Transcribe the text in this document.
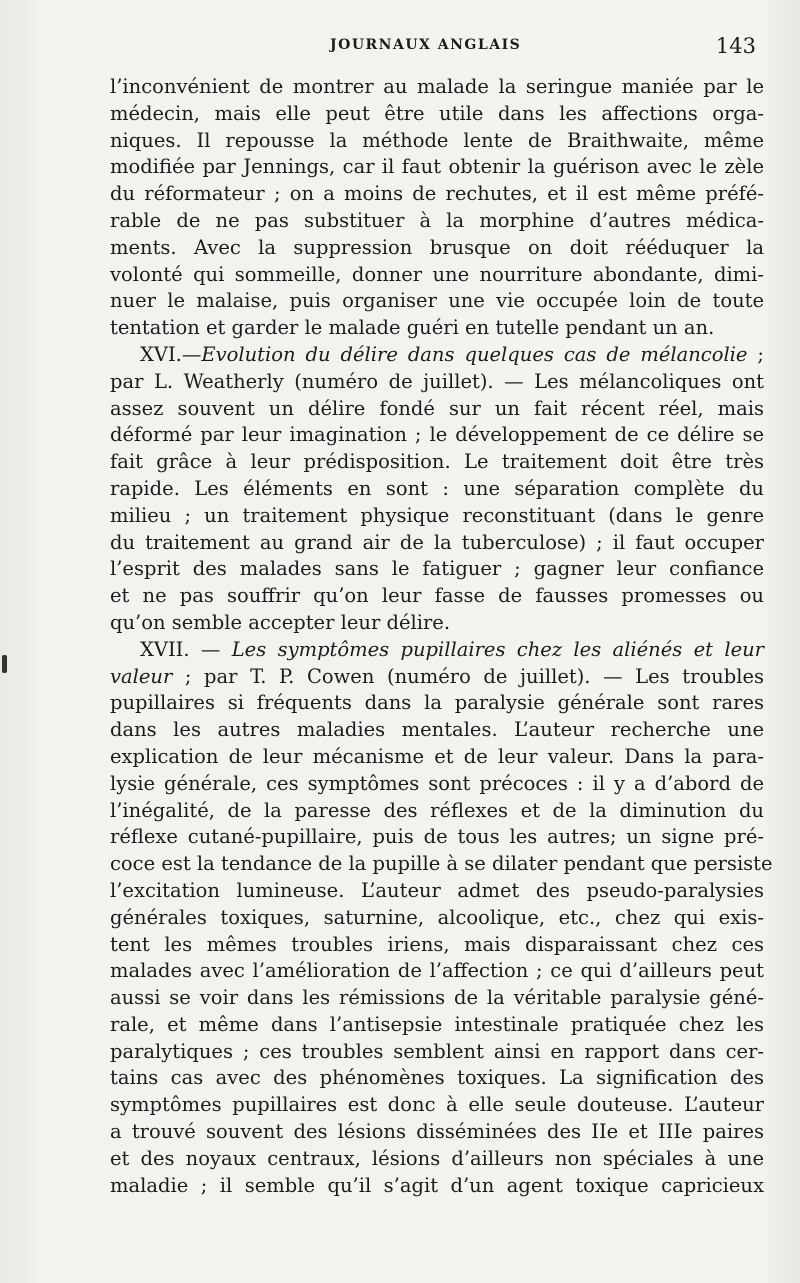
JOURNAUX ANGLAIS	143
l’inconvénient de montrer au malade la seringue maniée par le
médecin, mais elle peut être utile dans les affections orga-
niques. Il repousse la méthode lente de Braithwaite, même
modifiée par Jennings, car il faut obtenir la guérison avec le zèle
du réformateur ; on a moins de rechutes, et il est même préfé-
rable de ne pas substituer à la morphine d’autres médica-
ments. Avec la suppression brusque on doit rééduquer la
volonté qui sommeille, donner une nourriture abondante, dimi-
nuer le malaise, puis organiser une vie occupée loin de toute
tentation et garder le malade guéri en tutelle pendant un an.
XVI.—Evolution du délire dans quelques cas de mélancolie ;
par L. Weatherly (numéro de juillet). — Les mélancoliques ont
assez souvent un délire fondé sur un fait récent réel, mais
déformé par leur imagination ; le développement de ce délire se
fait grâce à leur prédisposition. Le traitement doit être très
rapide. Les éléments en sont : une séparation complète du
milieu ; un traitement physique reconstituant (dans le genre
du traitement au grand air de la tuberculose) ; il faut occuper
l’esprit des malades sans le fatiguer ; gagner leur confiance
et ne pas souffrir qu’on leur fasse de fausses promesses ou
qu’on semble accepter leur délire.
XVII. — Les symptômes pupillaires chez les aliénés et leur
valeur ; par T. P. Cowen (numéro de juillet). — Les troubles
pupillaires si fréquents dans la paralysie générale sont rares
dans les autres maladies mentales. L’auteur recherche une
explication de leur mécanisme et de leur valeur. Dans la para-
lysie générale, ces symptômes sont précoces : il y a d’abord de
l’inégalité, de la paresse des réflexes et de la diminution du
réflexe cutané-pupillaire, puis de tous les autres; un signe pré-
coce est la tendance de la pupille à se dilater pendant que persiste
l’excitation lumineuse. L’auteur admet des pseudo-paralysies
générales toxiques, saturnine, alcoolique, etc., chez qui exis-
tent les mêmes troubles iriens, mais disparaissant chez ces
malades avec l’amélioration de l’affection ; ce qui d’ailleurs peut
aussi se voir dans les rémissions de la véritable paralysie géné-
rale, et même dans l’antisepsie intestinale pratiquée chez les
paralytiques ; ces troubles semblent ainsi en rapport dans cer-
tains cas avec des phénomènes toxiques. La signification des
symptômes pupillaires est donc à elle seule douteuse. L’auteur
a trouvé souvent des lésions disséminées des IIe et IIIe paires
et des noyaux centraux, lésions d’ailleurs non spéciales à une
maladie ; il semble qu’il s’agit d’un agent toxique capricieux
